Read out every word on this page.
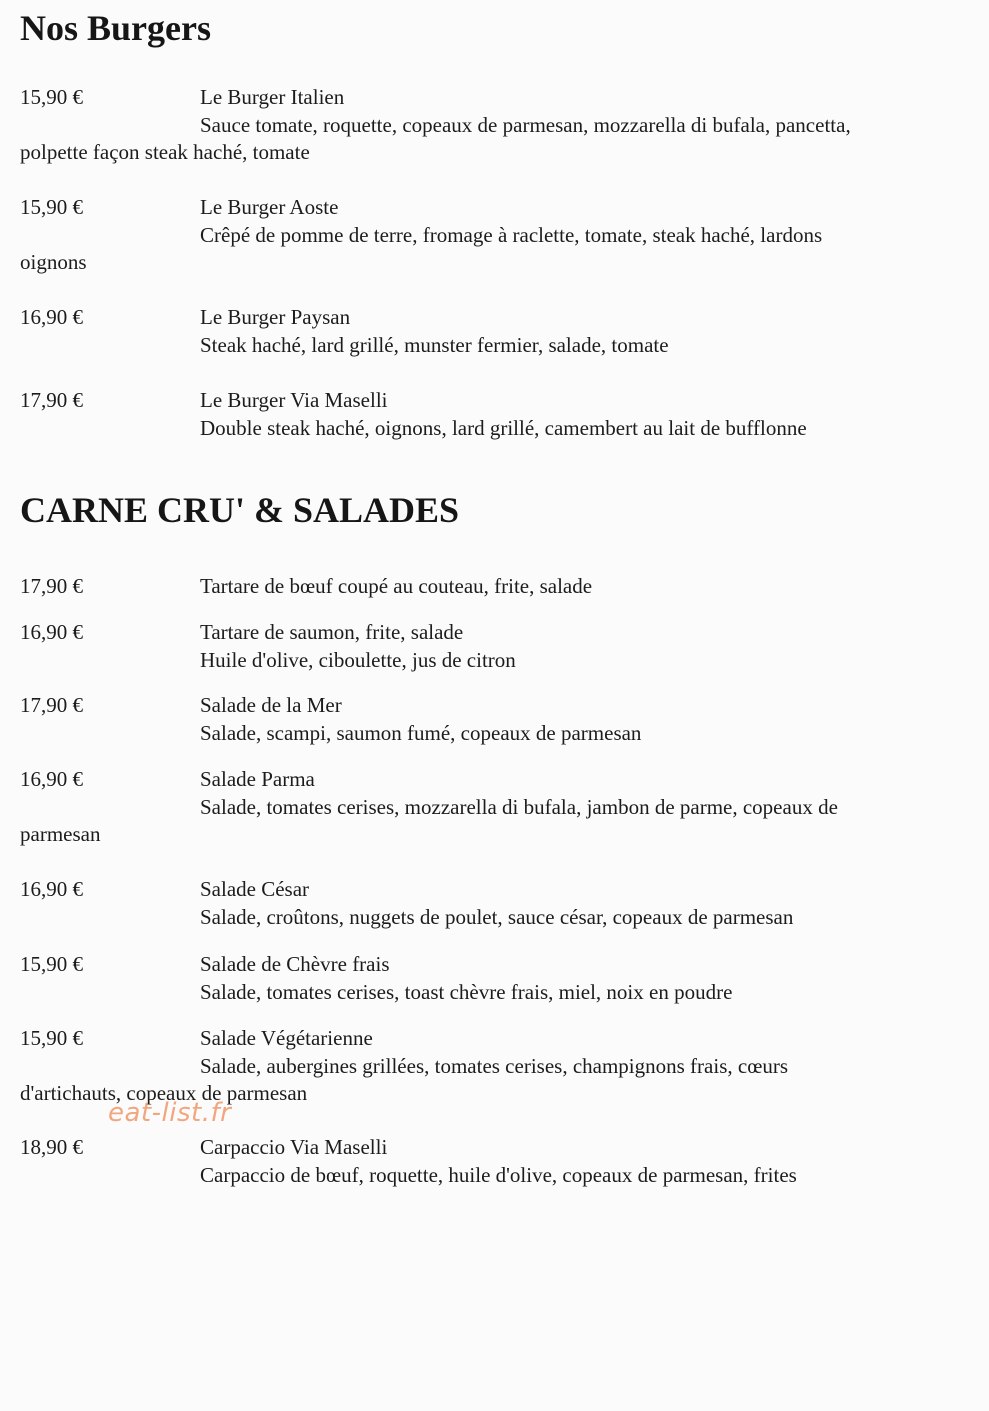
Nos Burgers
15,90 €	Le Burger Italien
Sauce tomate, roquette, copeaux de parmesan, mozzarella di bufala, pancetta,
polpette façon steak haché, tomate
15,90 €	Le Burger Aoste
Crêpé de pomme de terre, fromage à raclette, tomate, steak haché, lardons
oignons
16,90 €	Le Burger Paysan
Steak haché, lard grillé, munster fermier, salade, tomate
17,90 €	Le Burger Via Maselli
Double steak haché, oignons, lard grillé, camembert au lait de bufflonne
CARNE CRU' & SALADES
17,90 €	Tartare de bœuf coupé au couteau, frite, salade
16,90 €	Tartare de saumon, frite, salade
Huile d'olive, ciboulette, jus de citron
17,90 €	Salade de la Mer
Salade, scampi, saumon fumé, copeaux de parmesan
16,90 €	Salade Parma
Salade, tomates cerises, mozzarella di bufala, jambon de parme, copeaux de
parmesan
16,90 €	Salade César
Salade, croûtons, nuggets de poulet, sauce césar, copeaux de parmesan
15,90 €	Salade de Chèvre frais
Salade, tomates cerises, toast chèvre frais, miel, noix en poudre
15,90 €	Salade Végétarienne
Salade, aubergines grillées, tomates cerises, champignons frais, cœurs
d'artichauts, copeaux de parmesan
18,90 €	Carpaccio Via Maselli
Carpaccio de bœuf, roquette, huile d'olive, copeaux de parmesan, frites
eat-list.fr
